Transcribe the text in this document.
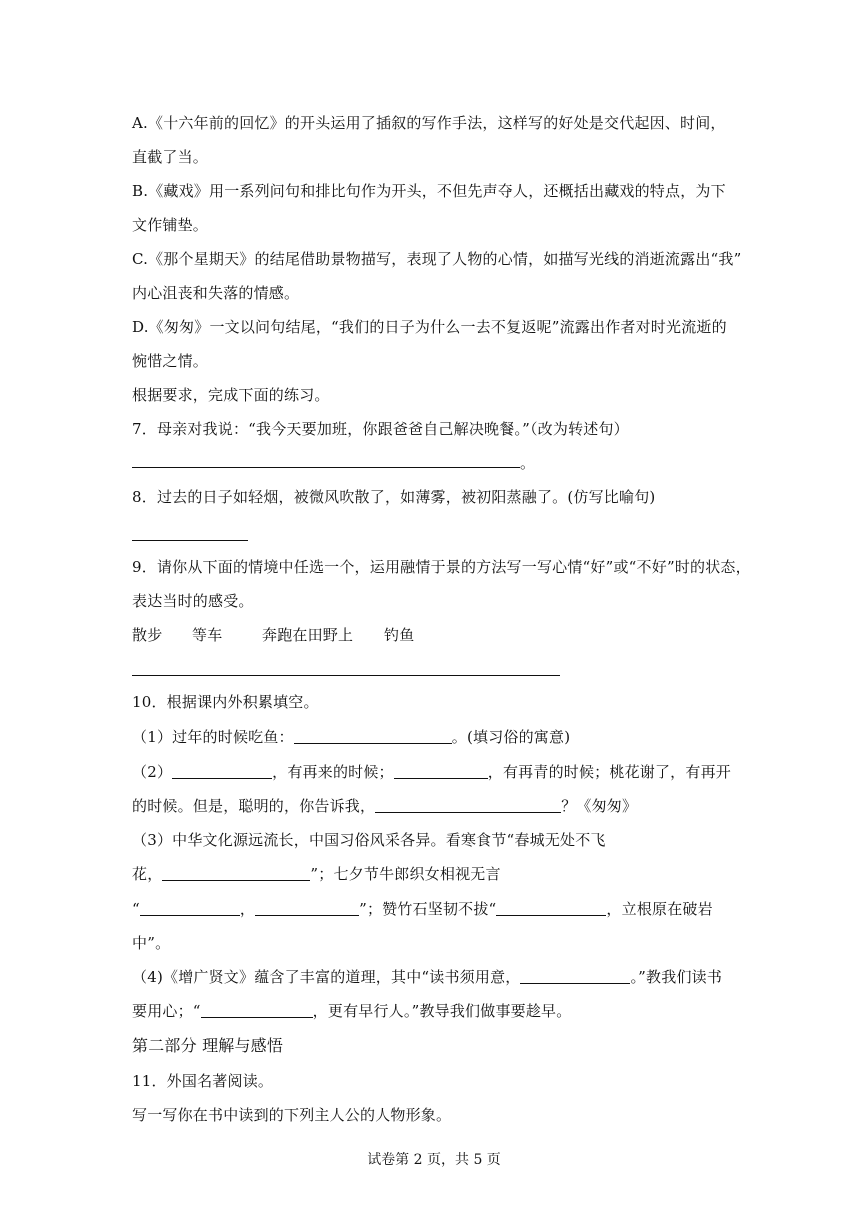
A.《十六年前的回忆》的开头运用了插叙的写作手法，这样写的好处是交代起因、时间，
直截了当。
B.《藏戏》用一系列问句和排比句作为开头，不但先声夺人，还概括出藏戏的特点，为下
文作铺垫。
C.《那个星期天》的结尾借助景物描写，表现了人物的心情，如描写光线的消逝流露出“我”
内心沮丧和失落的情感。
D.《匆匆》一文以问句结尾，“我们的日子为什么一去不复返呢”流露出作者对时光流逝的
惋惜之情。
根据要求，完成下面的练习。
7．母亲对我说：“我今天要加班，你跟爸爸自己解决晚餐。”（改为转述句）
。
8．过去的日子如轻烟，被微风吹散了，如薄雾，被初阳蒸融了。(仿写比喻句)
9．请你从下面的情境中任选一个，运用融情于景的方法写一写心情“好”或“不好”时的状态，
表达当时的感受。
散步 等车	奔跑在田野上 钓鱼
10．根据课内外积累填空。
（1）过年的时候吃鱼：	。(填习俗的寓意)
（2）	，有再来的时候；	，有再青的时候；桃花谢了，有再开
的时候。但是，聪明的，你告诉我，	？《匆匆》
（3）中华文化源远流长，中国习俗风采各异。看寒食节“春城无处不飞
花，	”；七夕节牛郎织女相视无言
“	，	”；赞竹石坚韧不拔“	，立根原在破岩
中”。
（4)《增广贤文》蕴含了丰富的道理，其中“读书须用意，	。”教我们读书
要用心；“	，更有早行人。”教导我们做事要趁早。
第二部分 理解与感悟
11．外国名著阅读。
写一写你在书中读到的下列主人公的人物形象。
试卷第 2 页，共 5 页
